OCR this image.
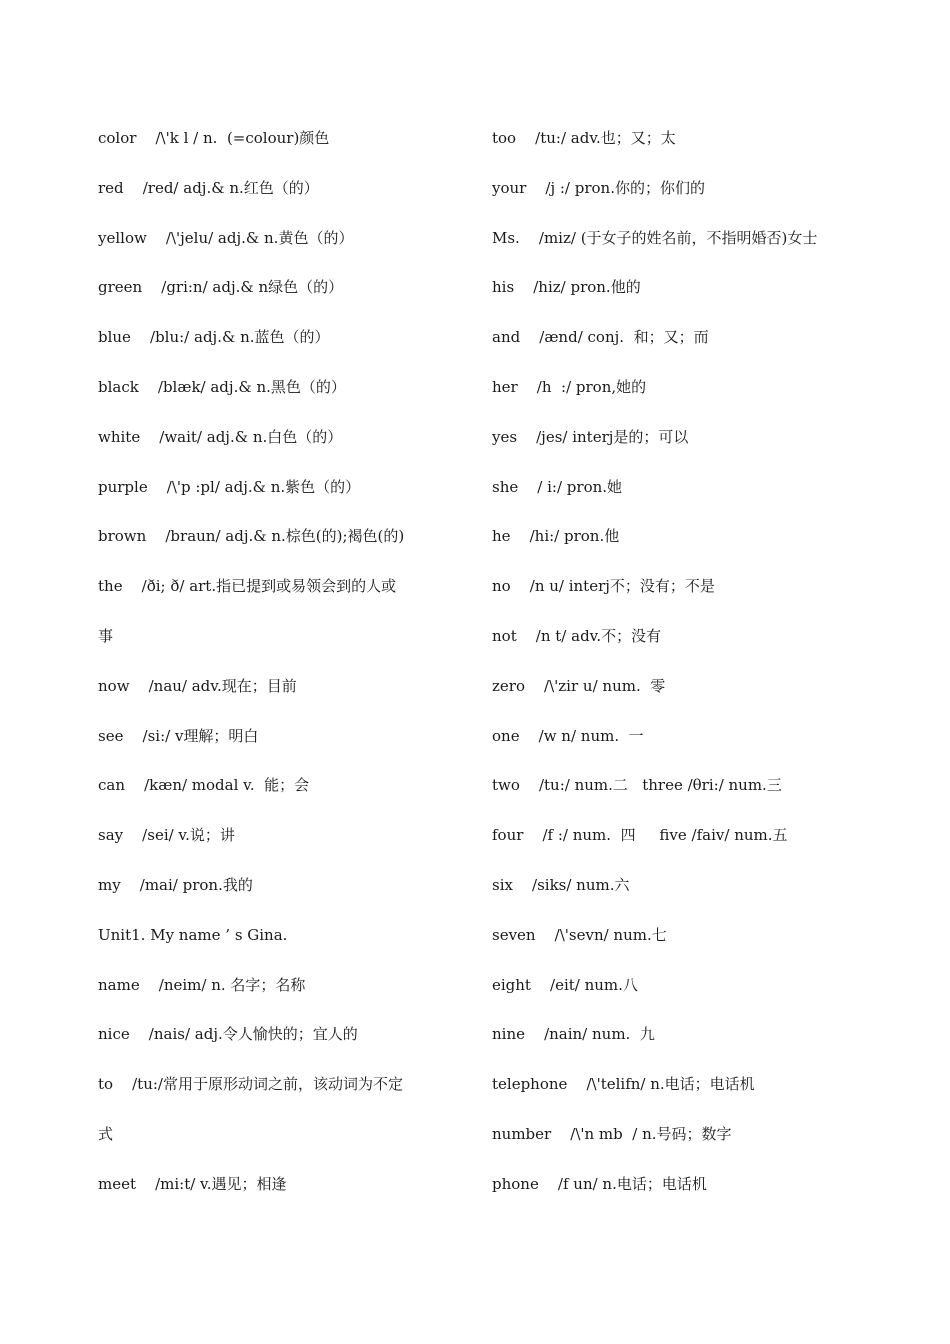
color    /\'k l / n.  (=colour)颜色
red    /red/ adj.& n.红色（的）
yellow    /\'jelu/ adj.& n.黄色（的）
green    /gri:n/ adj.& n绿色（的）
blue    /blu:/ adj.& n.蓝色（的）
black    /blæk/ adj.& n.黑色（的）
white    /wait/ adj.& n.白色（的）
purple    /\'p :pl/ adj.& n.紫色（的）
brown    /braun/ adj.& n.棕色(的);褐色(的)
the    /ði; ð/ art.指已提到或易领会到的人或
事
now    /nau/ adv.现在；目前
see    /si:/ v理解；明白
can    /kæn/ modal v.  能；会
say    /sei/ v.说；讲
my    /mai/ pron.我的
Unit1. My name ’ s Gina.
name    /neim/ n. 名字；名称
nice    /nais/ adj.令人愉快的；宜人的
to    /tu:/常用于原形动词之前，该动词为不定
式
meet    /mi:t/ v.遇见；相逢
too    /tu:/ adv.也；又；太
your    /j :/ pron.你的；你们的
Ms.    /miz/ (于女子的姓名前，不指明婚否)女士
his    /hiz/ pron.他的
and    /ænd/ conj.  和；又；而
her    /h  :/ pron,她的
yes    /jes/ interj是的；可以
she    / i:/ pron.她
he    /hi:/ pron.他
no    /n u/ interj不；没有；不是
not    /n t/ adv.不；没有
zero    /\'zir u/ num.  零
one    /w n/ num.  一
two    /tu:/ num.二   three /θri:/ num.三
four    /f :/ num.  四     five /faiv/ num.五
six    /siks/ num.六
seven    /\'sevn/ num.七
eight    /eit/ num.八
nine    /nain/ num.  九
telephone    /\'telifn/ n.电话；电话机
number    /\'n mb  / n.号码；数字
phone    /f un/ n.电话；电话机
